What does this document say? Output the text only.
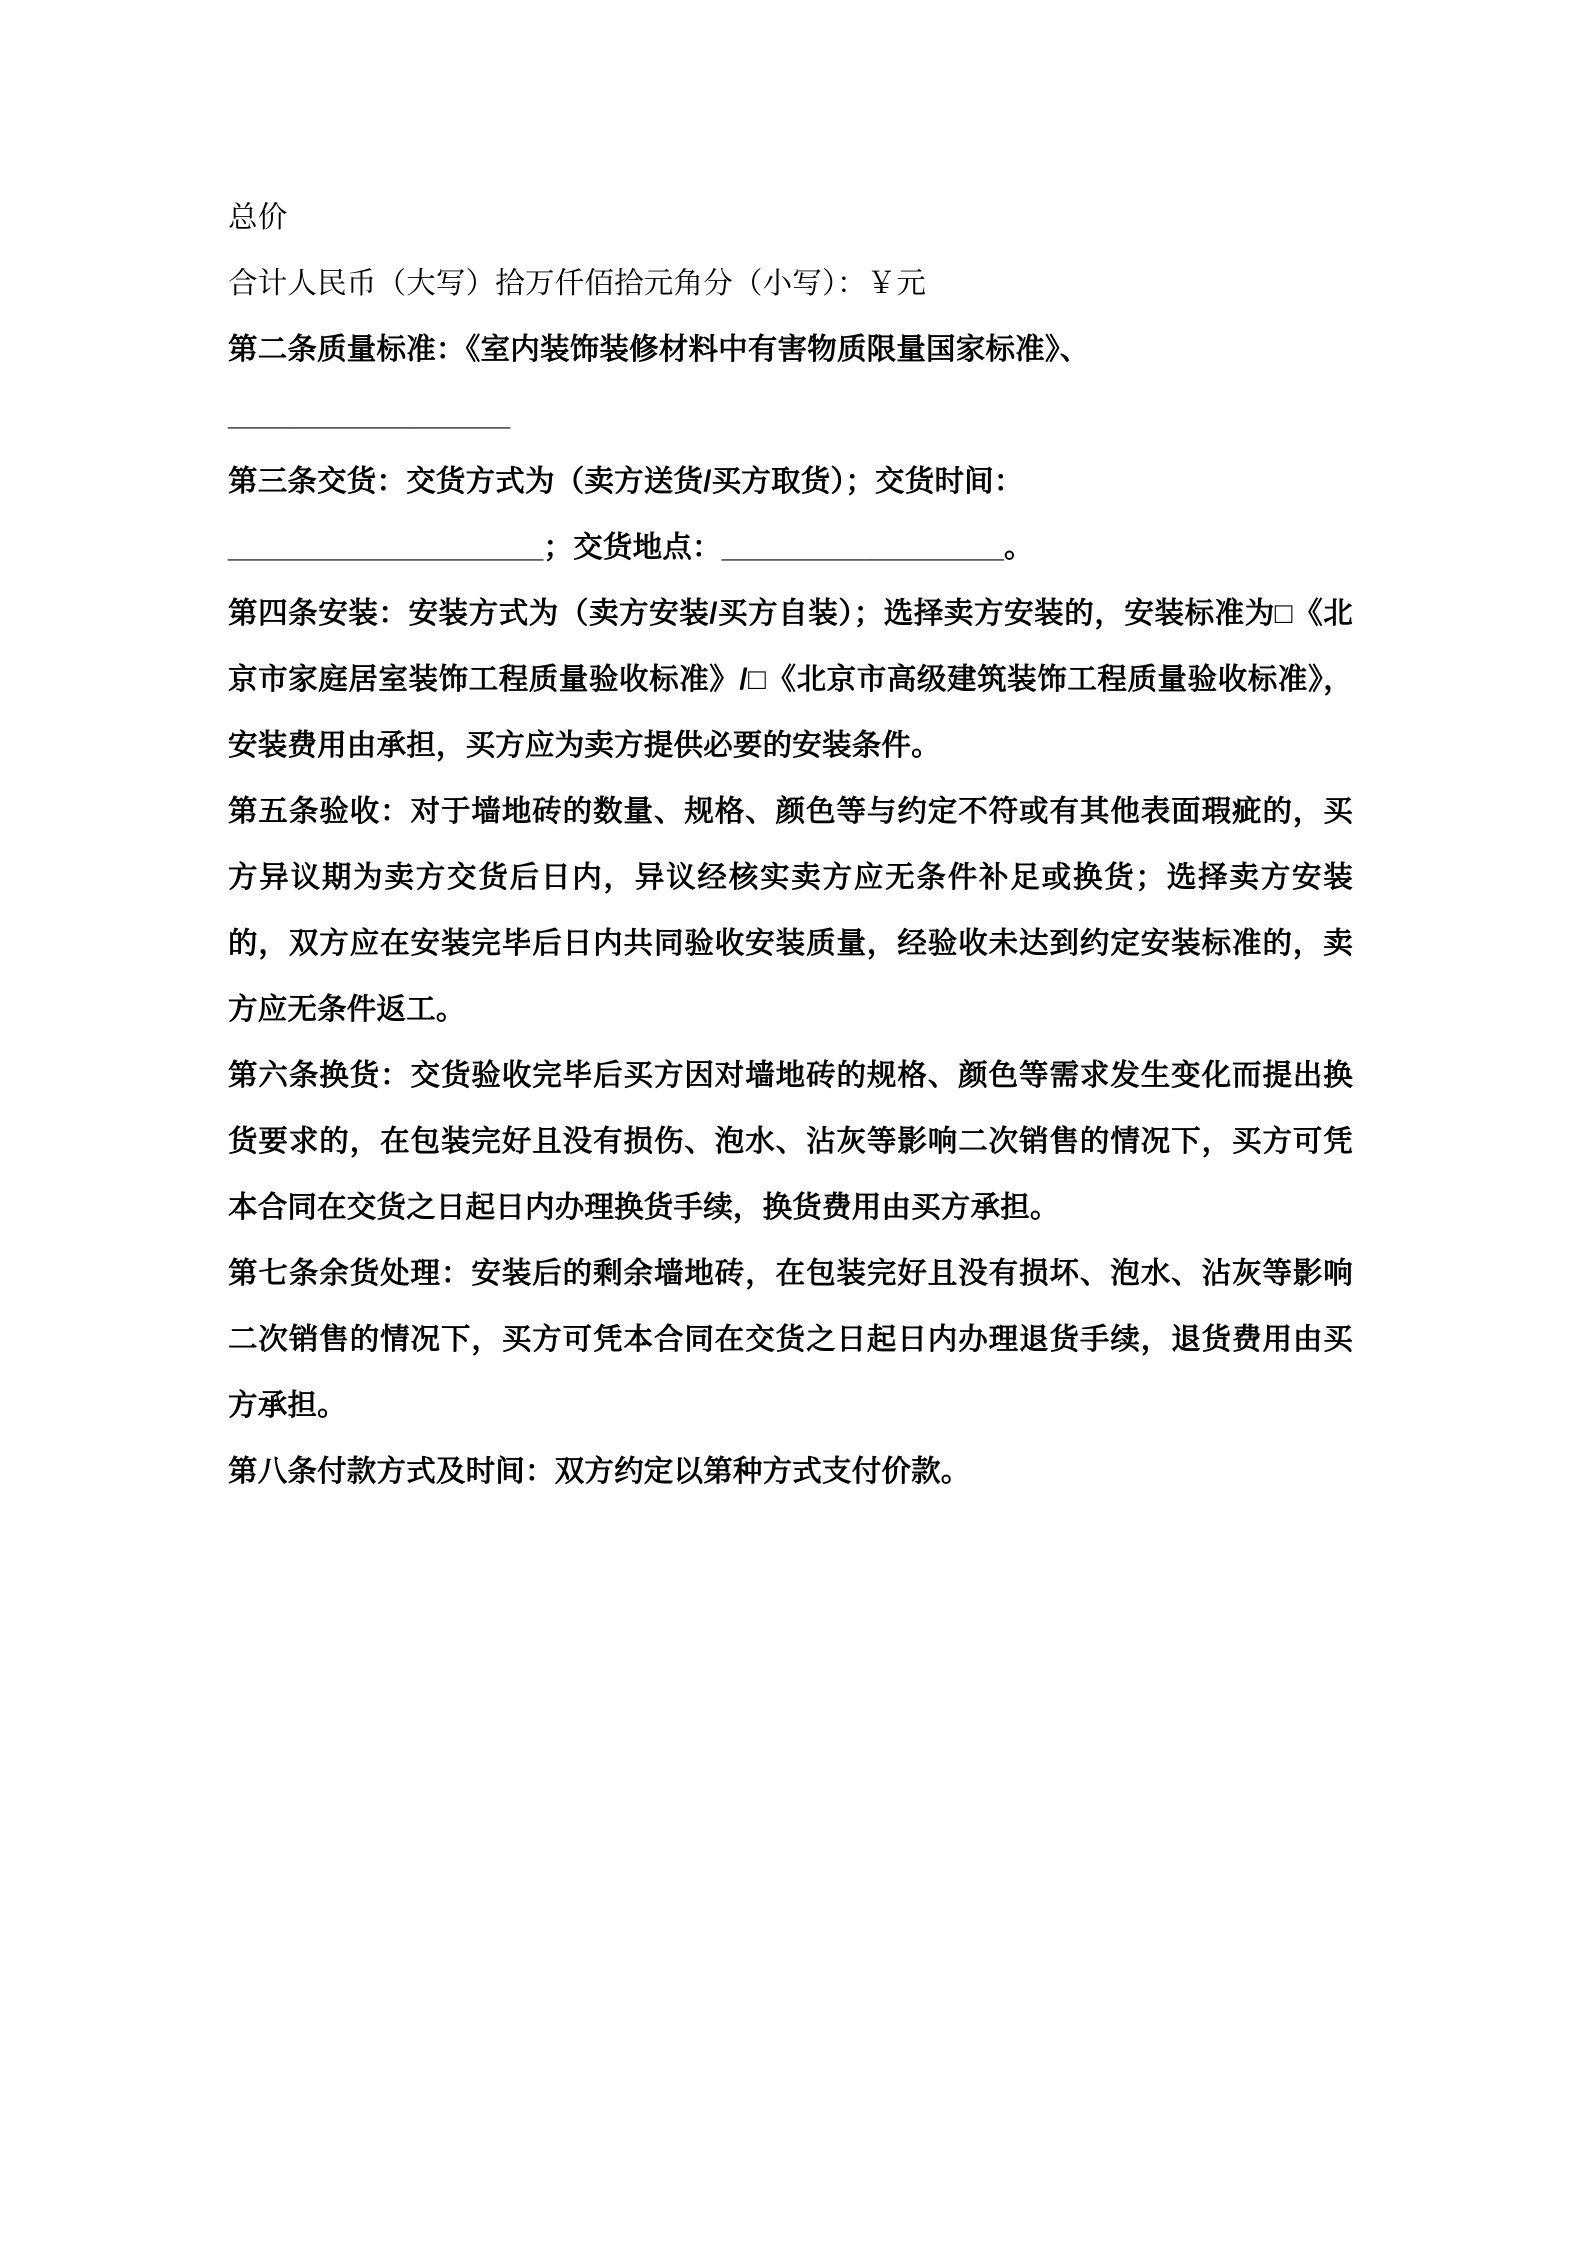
总价

合计人民币（大写）拾万仟佰拾元角分（小写）：￥元

第二条质量标准：《室内装饰装修材料中有害物质限量国家标准》、

_________________

第三条交货：交货方式为（卖方送货/买方取货）；交货时间：

___________________；交货地点：_________________。

第四条安装：安装方式为（卖方安装/买方自装）；选择卖方安装的，安装标准为□《北京市家庭居室装饰工程质量验收标准》/□《北京市高级建筑装饰工程质量验收标准》，安装费用由承担，买方应为卖方提供必要的安装条件。

第五条验收：对于墙地砖的数量、规格、颜色等与约定不符或有其他表面瑕疵的，买方异议期为卖方交货后日内，异议经核实卖方应无条件补足或换货；选择卖方安装的，双方应在安装完毕后日内共同验收安装质量，经验收未达到约定安装标准的，卖方应无条件返工。

第六条换货：交货验收完毕后买方因对墙地砖的规格、颜色等需求发生变化而提出换货要求的，在包装完好且没有损伤、泡水、沾灰等影响二次销售的情况下，买方可凭本合同在交货之日起日内办理换货手续，换货费用由买方承担。

第七条余货处理：安装后的剩余墙地砖，在包装完好且没有损坏、泡水、沾灰等影响二次销售的情况下，买方可凭本合同在交货之日起日内办理退货手续，退货费用由买方承担。

第八条付款方式及时间：双方约定以第种方式支付价款。
